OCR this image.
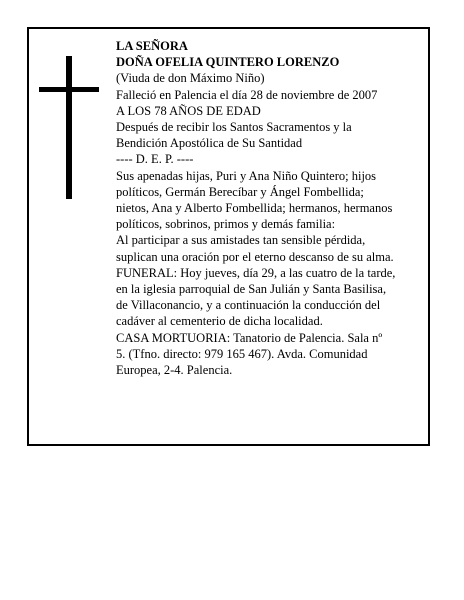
LA SEÑORA
DOÑA OFELIA QUINTERO LORENZO
(Viuda de don Máximo Niño)
Falleció en Palencia el día 28 de noviembre de 2007
A LOS 78 AÑOS DE EDAD
Después de recibir los Santos Sacramentos y la
Bendición Apostólica de Su Santidad
---- D. E. P. ----
Sus apenadas hijas, Puri y Ana Niño Quintero; hijos
políticos, Germán Berecíbar y Ángel Fombellida;
nietos, Ana y Alberto Fombellida; hermanos, hermanos
políticos, sobrinos, primos y demás familia:
Al participar a sus amistades tan sensible pérdida,
suplican una oración por el eterno descanso de su alma.
FUNERAL: Hoy jueves, día 29, a las cuatro de la tarde,
en la iglesia parroquial de San Julián y Santa Basilisa,
de Villaconancio, y a continuación la conducción del
cadáver al cementerio de dicha localidad.
CASA MORTUORIA: Tanatorio de Palencia. Sala nº
5. (Tfno. directo: 979 165 467). Avda. Comunidad
Europea, 2-4. Palencia.
